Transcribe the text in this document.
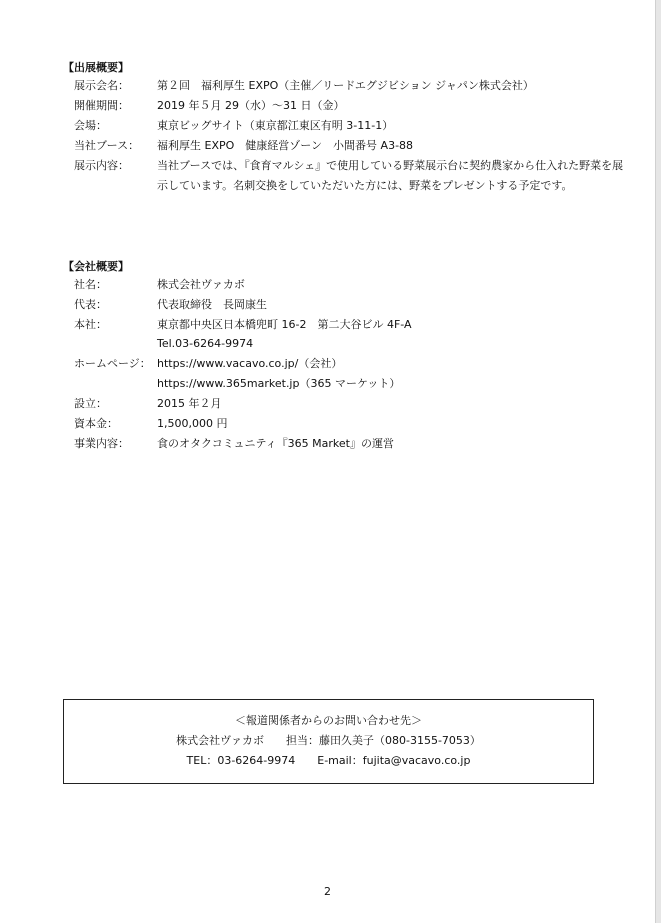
【出展概要】
展示会名：	第２回　福利厚生 EXPO（主催／リードエグジビション ジャパン株式会社）
開催期間：	2019 年５月 29（水）～31 日（金）
会場：	東京ビッグサイト（東京都江東区有明 3-11-1）
当社ブース： 福利厚生 EXPO　健康経営ゾーン　小間番号 A3-88
展示内容：	当社ブースでは、『食育マルシェ』で使用している野菜展示台に契約農家から仕入れた野菜を展
示しています。名刺交換をしていただいた方には、野菜をプレゼントする予定です。
【会社概要】
社名：	株式会社ヴァカボ
代表：	代表取締役　長岡康生
本社：	東京都中央区日本橋兜町 16-2　第二大谷ビル 4F-A
Tel.03-6264-9974
ホームページ： https://www.vacavo.co.jp/（会社）
https://www.365market.jp（365 マーケット）
設立：	2015 年２月
資本金：	1,500,000 円
事業内容：	食のオタクコミュニティ『365 Market』の運営
＜報道関係者からのお問い合わせ先＞
株式会社ヴァカボ　　担当：藤田久美子（080-3155-7053）
TEL：03-6264-9974　　E-mail：fujita@vacavo.co.jp
2
